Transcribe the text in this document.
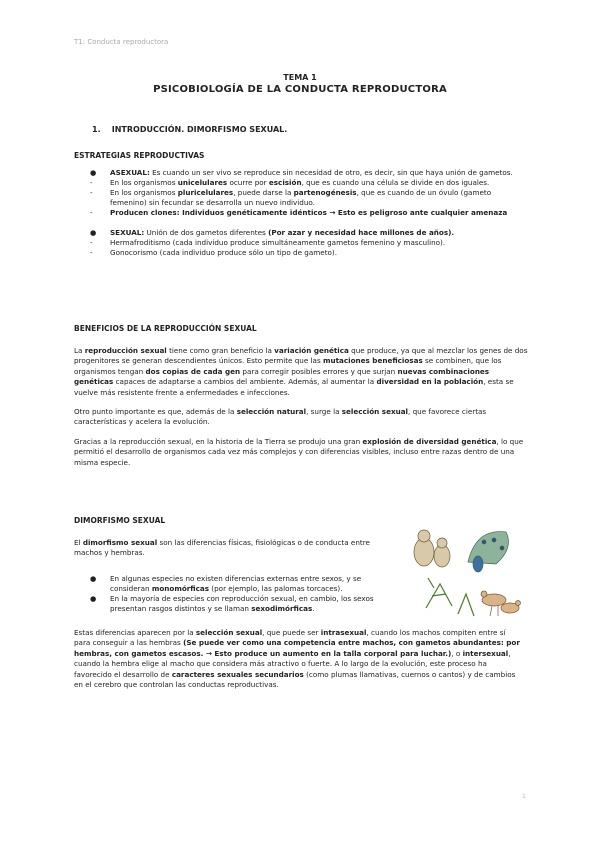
T1: Conducta reproductora
TEMA 1
PSICOBIOLOGÍA DE LA CONDUCTA REPRODUCTORA
1. INTRODUCCIÓN. DIMORFISMO SEXUAL.
ESTRATEGIAS REPRODUCTIVAS
●	ASEXUAL: Es cuando un ser vivo se reproduce sin necesidad de otro, es decir, sin que haya unión de gametos.
-	En los organismos unicelulares ocurre por escisión, que es cuando una célula se divide en dos iguales.
-	En los organismos pluricelulares, puede darse la partenogénesis, que es cuando de un óvulo (gameto femenino) sin fecundar se desarrolla un nuevo individuo.
-	Producen clones: Individuos genéticamente idénticos → Esto es peligroso ante cualquier amenaza
●	SEXUAL: Unión de dos gametos diferentes (Por azar y necesidad hace millones de años).
-	Hermafroditismo (cada individuo produce simultáneamente gametos femenino y masculino).
-	Gonocorismo (cada individuo produce sólo un tipo de gameto).
BENEFICIOS DE LA REPRODUCCIÓN SEXUAL

La reproducción sexual tiene como gran beneficio la variación genética que produce, ya que al mezclar los genes de dos progenitores se generan descendientes únicos. Esto permite que las mutaciones beneficiosas se combinen, que los organismos tengan dos copias de cada gen para corregir posibles errores y que surjan nuevas combinaciones genéticas capaces de adaptarse a cambios del ambiente. Además, al aumentar la diversidad en la población, esta se vuelve más resistente frente a enfermedades e infecciones.

Otro punto importante es que, además de la selección natural, surge la selección sexual, que favorece ciertas características y acelera la evolución.

Gracias a la reproducción sexual, en la historia de la Tierra se produjo una gran explosión de diversidad genética, lo que permitió el desarrollo de organismos cada vez más complejos y con diferencias visibles, incluso entre razas dentro de una misma especie.

DIMORFISMO SEXUAL

El dimorfismo sexual son las diferencias físicas, fisiológicas o de conducta entre machos y hembras.

●	En algunas especies no existen diferencias externas entre sexos, y se consideran monomórficas (por ejemplo, las palomas torcaces).
●	En la mayoría de especies con reproducción sexual, en cambio, los sexos presentan rasgos distintos y se llaman sexodimórficas.

Estas diferencias aparecen por la selección sexual, que puede ser intrasexual, cuando los machos compiten entre sí para conseguir a las hembras (Se puede ver como una competencia entre machos, con gametos abundantes: por hembras, con gametos escasos. → Esto produce un aumento en la talla corporal para luchar.), o intersexual, cuando la hembra elige al macho que considera más atractivo o fuerte. A lo largo de la evolución, este proceso ha favorecido el desarrollo de caracteres sexuales secundarios (como plumas llamativas, cuernos o cantos) y de cambios en el cerebro que controlan las conductas reproductivas.

1
